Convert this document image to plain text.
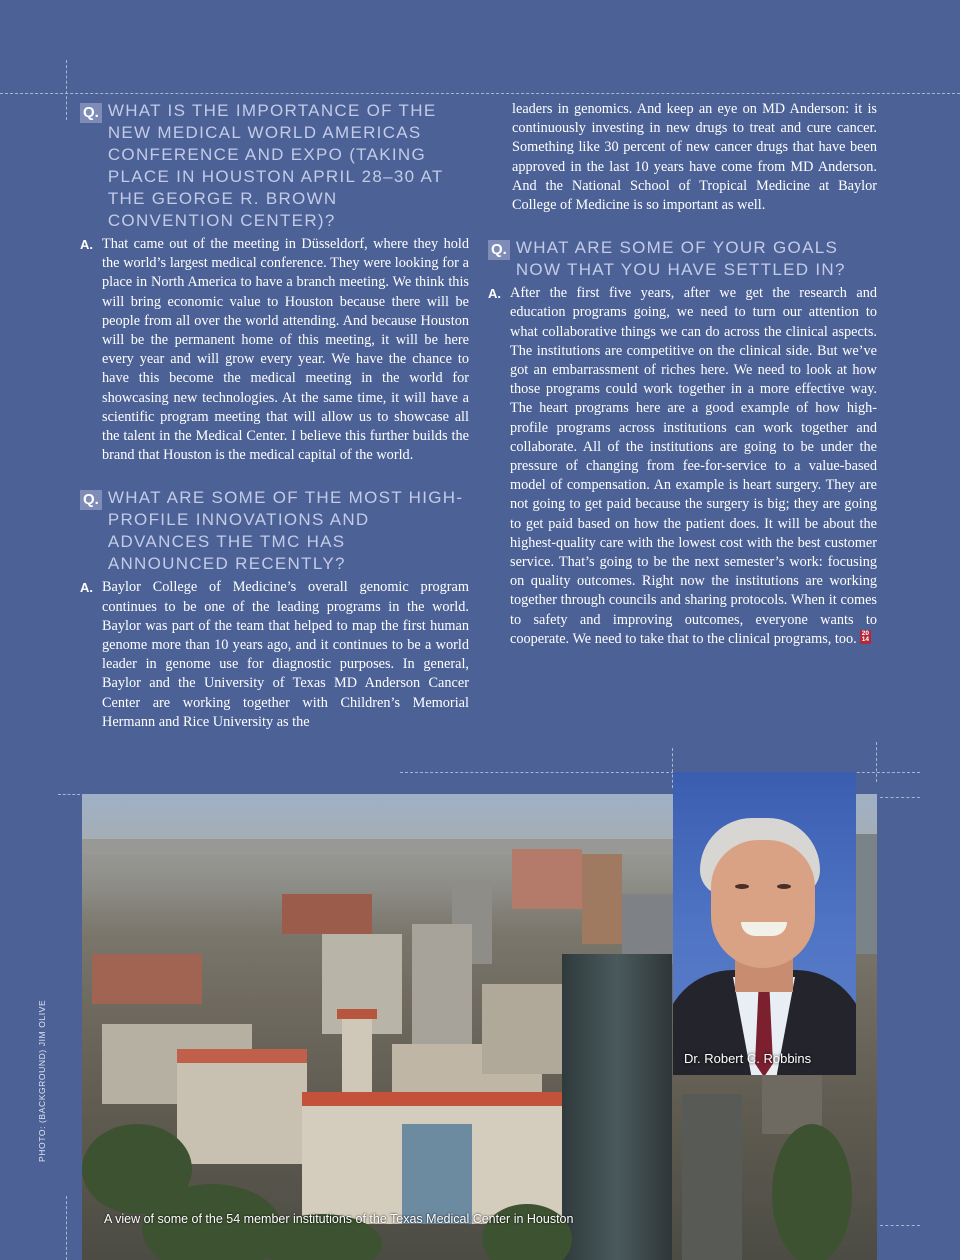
Q. WHAT IS THE IMPORTANCE OF THE NEW MEDICAL WORLD AMERICAS CONFERENCE AND EXPO (TAKING PLACE IN HOUSTON APRIL 28–30 AT THE GEORGE R. BROWN CONVENTION CENTER)?
A. That came out of the meeting in Düsseldorf, where they hold the world’s largest medical conference. They were looking for a place in North America to have a branch meeting. We think this will bring economic value to Houston because there will be people from all over the world attending. And because Houston will be the permanent home of this meeting, it will be here every year and will grow every year. We have the chance to have this become the medical meeting in the world for showcasing new technologies. At the same time, it will have a scientific program meeting that will allow us to showcase all the talent in the Medical Center. I believe this further builds the brand that Houston is the medical capital of the world.
Q. WHAT ARE SOME OF THE MOST HIGH-PROFILE INNOVATIONS AND ADVANCES THE TMC HAS ANNOUNCED RECENTLY?
A. Baylor College of Medicine’s overall genomic program continues to be one of the leading programs in the world. Baylor was part of the team that helped to map the first human genome more than 10 years ago, and it continues to be a world leader in genome use for diagnostic purposes. In general, Baylor and the University of Texas MD Anderson Cancer Center are working together with Children’s Memorial Hermann and Rice University as the

leaders in genomics. And keep an eye on MD Anderson: it is continuously investing in new drugs to treat and cure cancer. Something like 30 percent of new cancer drugs that have been approved in the last 10 years have come from MD Anderson. And the National School of Tropical Medicine at Baylor College of Medicine is so important as well.

Q. WHAT ARE SOME OF YOUR GOALS NOW THAT YOU HAVE SETTLED IN?
A. After the first five years, after we get the research and education programs going, we need to turn our attention to what collaborative things we can do across the clinical aspects. The institutions are competitive on the clinical side. But we’ve got an embarrassment of riches here. We need to look at how those programs could work together in a more effective way. The heart programs here are a good example of how high-profile programs across institutions can work together and collaborate. All of the institutions are going to be under the pressure of changing from fee-for-service to a value-based model of compensation. An example is heart surgery. They are not going to get paid because the surgery is big; they are going to get paid based on how the patient does. It will be about the highest-quality care with the lowest cost with the best customer service. That’s going to be the next semester’s work: focusing on quality outcomes. Right now the institutions are working together through councils and sharing protocols. When it comes to safety and improving outcomes, everyone wants to cooperate. We need to take that to the clinical programs, too. 20
14
A view of some of the 54 member institutions of the Texas Medical Center in Houston
PHOTO: (BACKGROUND) JIM OLIVE	Dr. Robert C. Robbins
